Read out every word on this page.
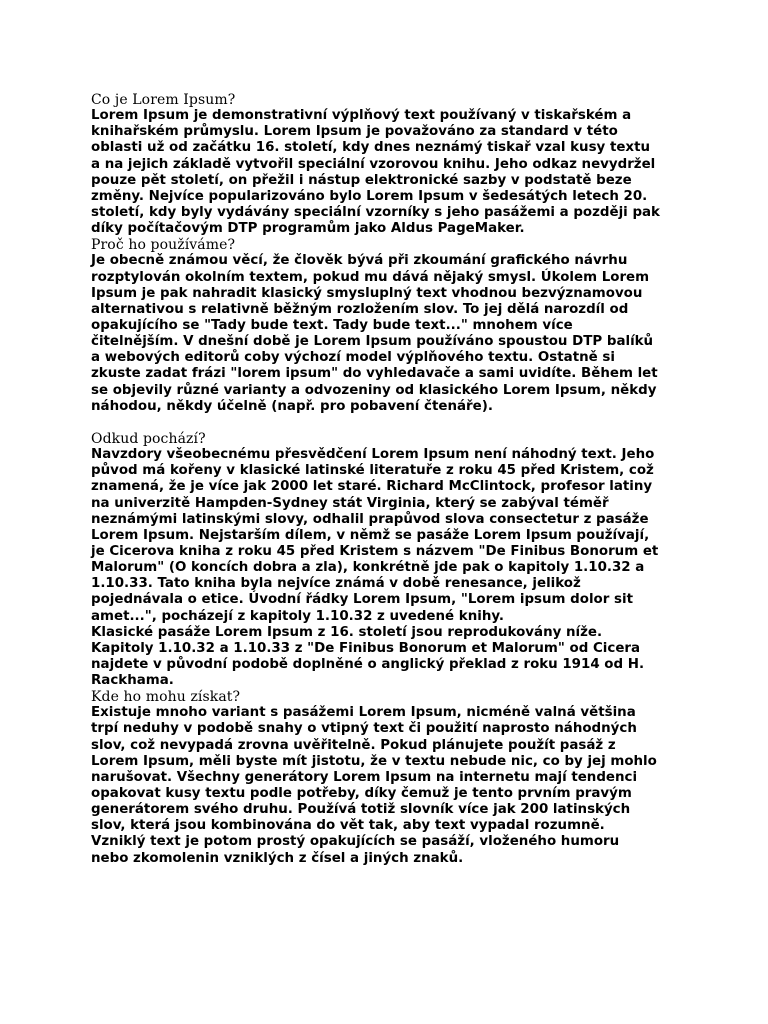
Co je Lorem Ipsum?
Lorem Ipsum je demonstrativní výplňový text používaný v tiskařském a
knihařském průmyslu. Lorem Ipsum je považováno za standard v této
oblasti už od začátku 16. století, kdy dnes neznámý tiskař vzal kusy textu
a na jejich základě vytvořil speciální vzorovou knihu. Jeho odkaz nevydržel
pouze pět století, on přežil i nástup elektronické sazby v podstatě beze
změny. Nejvíce popularizováno bylo Lorem Ipsum v šedesátých letech 20.
století, kdy byly vydávány speciální vzorníky s jeho pasážemi a později pak
díky počítačovým DTP programům jako Aldus PageMaker.
Proč ho používáme?
Je obecně známou věcí, že člověk bývá při zkoumání grafického návrhu
rozptylován okolním textem, pokud mu dává nějaký smysl. Úkolem Lorem
Ipsum je pak nahradit klasický smysluplný text vhodnou bezvýznamovou
alternativou s relativně běžným rozložením slov. To jej dělá narozdíl od
opakujícího se "Tady bude text. Tady bude text..." mnohem více
čitelnějším. V dnešní době je Lorem Ipsum používáno spoustou DTP balíků
a webových editorů coby výchozí model výplňového textu. Ostatně si
zkuste zadat frázi "lorem ipsum" do vyhledavače a sami uvidíte. Během let
se objevily různé varianty a odvozeniny od klasického Lorem Ipsum, někdy
náhodou, někdy účelně (např. pro pobavení čtenáře).
Odkud pochází?
Navzdory všeobecnému přesvědčení Lorem Ipsum není náhodný text. Jeho
původ má kořeny v klasické latinské literatuře z roku 45 před Kristem, což
znamená, že je více jak 2000 let staré. Richard McClintock, profesor latiny
na univerzitě Hampden-Sydney stát Virginia, který se zabýval téměř
neznámými latinskými slovy, odhalil prapůvod slova consectetur z pasáže
Lorem Ipsum. Nejstarším dílem, v němž se pasáže Lorem Ipsum používají,
je Cicerova kniha z roku 45 před Kristem s názvem "De Finibus Bonorum et
Malorum" (O koncích dobra a zla), konkrétně jde pak o kapitoly 1.10.32 a
1.10.33. Tato kniha byla nejvíce známá v době renesance, jelikož
pojednávala o etice. Úvodní řádky Lorem Ipsum, "Lorem ipsum dolor sit
amet...", pocházejí z kapitoly 1.10.32 z uvedené knihy.
Klasické pasáže Lorem Ipsum z 16. století jsou reprodukovány níže.
Kapitoly 1.10.32 a 1.10.33 z "De Finibus Bonorum et Malorum" od Cicera
najdete v původní podobě doplněné o anglický překlad z roku 1914 od H.
Rackhama.
Kde ho mohu získat?
Existuje mnoho variant s pasážemi Lorem Ipsum, nicméně valná většina
trpí neduhy v podobě snahy o vtipný text či použití naprosto náhodných
slov, což nevypadá zrovna uvěřitelně. Pokud plánujete použít pasáž z
Lorem Ipsum, měli byste mít jistotu, že v textu nebude nic, co by jej mohlo
narušovat. Všechny generátory Lorem Ipsum na internetu mají tendenci
opakovat kusy textu podle potřeby, díky čemuž je tento prvním pravým
generátorem svého druhu. Používá totiž slovník více jak 200 latinských
slov, která jsou kombinována do vět tak, aby text vypadal rozumně.
Vzniklý text je potom prostý opakujících se pasáží, vloženého humoru
nebo zkomolenin vzniklých z čísel a jiných znaků.
